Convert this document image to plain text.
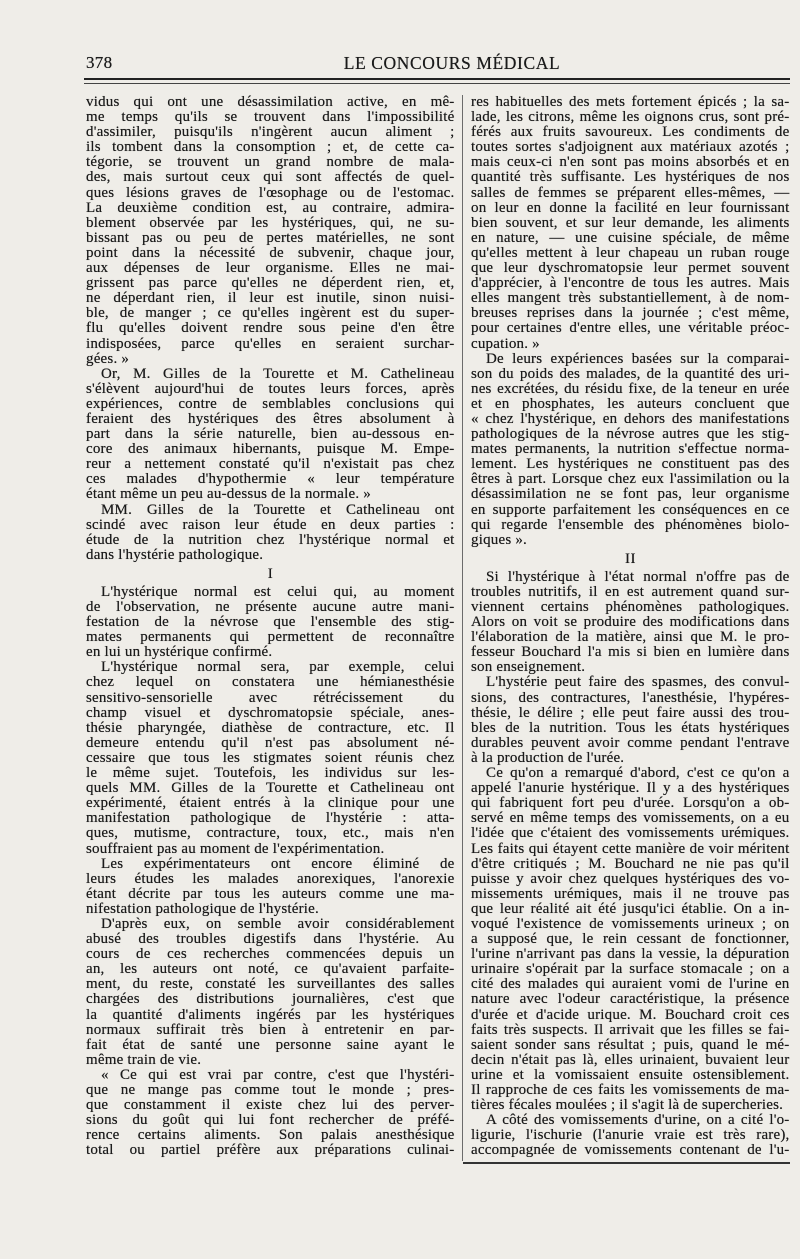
378	LE CONCOURS MÉDICAL
vidus qui ont une désassimilation active, en mê-
me temps qu'ils se trouvent dans l'impossibilité
d'assimiler, puisqu'ils n'ingèrent aucun aliment ;
ils tombent dans la consomption ; et, de cette ca-
tégorie, se trouvent un grand nombre de mala-
des, mais surtout ceux qui sont affectés de quel-
ques lésions graves de l'œsophage ou de l'estomac.
La deuxième condition est, au contraire, admira-
blement observée par les hystériques, qui, ne su-
bissant pas ou peu de pertes matérielles, ne sont
point dans la nécessité de subvenir, chaque jour,
aux dépenses de leur organisme. Elles ne mai-
grissent pas parce qu'elles ne déperdent rien, et,
ne déperdant rien, il leur est inutile, sinon nuisi-
ble, de manger ; ce qu'elles ingèrent est du super-
flu qu'elles doivent rendre sous peine d'en être
indisposées, parce qu'elles en seraient surchar-
gées. »
Or, M. Gilles de la Tourette et M. Cathelineau
s'élèvent aujourd'hui de toutes leurs forces, après
expériences, contre de semblables conclusions qui
feraient des hystériques des êtres absolument à
part dans la série naturelle, bien au-dessous en-
core des animaux hibernants, puisque M. Empe-
reur a nettement constaté qu'il n'existait pas chez
ces malades d'hypothermie « leur température
étant même un peu au-dessus de la normale. »
MM. Gilles de la Tourette et Cathelineau ont
scindé avec raison leur étude en deux parties :
étude de la nutrition chez l'hystérique normal et
dans l'hystérie pathologique.
I
L'hystérique normal est celui qui, au moment
de l'observation, ne présente aucune autre mani-
festation de la névrose que l'ensemble des stig-
mates permanents qui permettent de reconnaître
en lui un hystérique confirmé.
L'hystérique normal sera, par exemple, celui
chez lequel on constatera une hémianesthésie
sensitivo-sensorielle avec rétrécissement du
champ visuel et dyschromatopsie spéciale, anes-
thésie pharyngée, diathèse de contracture, etc. Il
demeure entendu qu'il n'est pas absolument né-
cessaire que tous les stigmates soient réunis chez
le même sujet. Toutefois, les individus sur les-
quels MM. Gilles de la Tourette et Cathelineau ont
expérimenté, étaient entrés à la clinique pour une
manifestation pathologique de l'hystérie : atta-
ques, mutisme, contracture, toux, etc., mais n'en
souffraient pas au moment de l'expérimentation.
Les expérimentateurs ont encore éliminé de
leurs études les malades anorexiques, l'anorexie
étant décrite par tous les auteurs comme une ma-
nifestation pathologique de l'hystérie.
D'après eux, on semble avoir considérablement
abusé des troubles digestifs dans l'hystérie. Au
cours de ces recherches commencées depuis un
an, les auteurs ont noté, ce qu'avaient parfaite-
ment, du reste, constaté les surveillantes des salles
chargées des distributions journalières, c'est que
la quantité d'aliments ingérés par les hystériques
normaux suffirait très bien à entretenir en par-
fait état de santé une personne saine ayant le
même train de vie.
« Ce qui est vrai par contre, c'est que l'hystéri-
que ne mange pas comme tout le monde ; pres-
que constamment il existe chez lui des perver-
sions du goût qui lui font rechercher de préfé-
rence certains aliments. Son palais anesthésique
total ou partiel préfère aux préparations culinai-
res habituelles des mets fortement épicés ; la sa-
lade, les citrons, même les oignons crus, sont pré-
férés aux fruits savoureux. Les condiments de
toutes sortes s'adjoignent aux matériaux azotés ;
mais ceux-ci n'en sont pas moins absorbés et en
quantité très suffisante. Les hystériques de nos
salles de femmes se préparent elles-mêmes, —
on leur en donne la facilité en leur fournissant
bien souvent, et sur leur demande, les aliments
en nature, — une cuisine spéciale, de même
qu'elles mettent à leur chapeau un ruban rouge
que leur dyschromatopsie leur permet souvent
d'apprécier, à l'encontre de tous les autres. Mais
elles mangent très substantiellement, à de nom-
breuses reprises dans la journée ; c'est même,
pour certaines d'entre elles, une véritable préoc-
cupation. »
De leurs expériences basées sur la comparai-
son du poids des malades, de la quantité des uri-
nes excrétées, du résidu fixe, de la teneur en urée
et en phosphates, les auteurs concluent que
« chez l'hystérique, en dehors des manifestations
pathologiques de la névrose autres que les stig-
mates permanents, la nutrition s'effectue norma-
lement. Les hystériques ne constituent pas des
êtres à part. Lorsque chez eux l'assimilation ou la
désassimilation ne se font pas, leur organisme
en supporte parfaitement les conséquences en ce
qui regarde l'ensemble des phénomènes biolo-
giques ».
II
Si l'hystérique à l'état normal n'offre pas de
troubles nutritifs, il en est autrement quand sur-
viennent certains phénomènes pathologiques.
Alors on voit se produire des modifications dans
l'élaboration de la matière, ainsi que M. le pro-
fesseur Bouchard l'a mis si bien en lumière dans
son enseignement.
L'hystérie peut faire des spasmes, des convul-
sions, des contractures, l'anesthésie, l'hypéres-
thésie, le délire ; elle peut faire aussi des trou-
bles de la nutrition. Tous les états hystériques
durables peuvent avoir comme pendant l'entrave
à la production de l'urée.
Ce qu'on a remarqué d'abord, c'est ce qu'on a
appelé l'anurie hystérique. Il y a des hystériques
qui fabriquent fort peu d'urée. Lorsqu'on a ob-
servé en même temps des vomissements, on a eu
l'idée que c'étaient des vomissements urémiques.
Les faits qui étayent cette manière de voir méritent
d'être critiqués ; M. Bouchard ne nie pas qu'il
puisse y avoir chez quelques hystériques des vo-
missements urémiques, mais il ne trouve pas
que leur réalité ait été jusqu'ici établie. On a in-
voqué l'existence de vomissements urineux ; on
a supposé que, le rein cessant de fonctionner,
l'urine n'arrivant pas dans la vessie, la dépuration
urinaire s'opérait par la surface stomacale ; on a
cité des malades qui auraient vomi de l'urine en
nature avec l'odeur caractéristique, la présence
d'urée et d'acide urique. M. Bouchard croit ces
faits très suspects. Il arrivait que les filles se fai-
saient sonder sans résultat ; puis, quand le mé-
decin n'était pas là, elles urinaient, buvaient leur
urine et la vomissaient ensuite ostensiblement.
Il rapproche de ces faits les vomissements de ma-
tières fécales moulées ; il s'agit là de supercheries.
A côté des vomissements d'urine, on a cité l'o-
ligurie, l'ischurie (l'anurie vraie est très rare),
accompagnée de vomissements contenant de l'u-
